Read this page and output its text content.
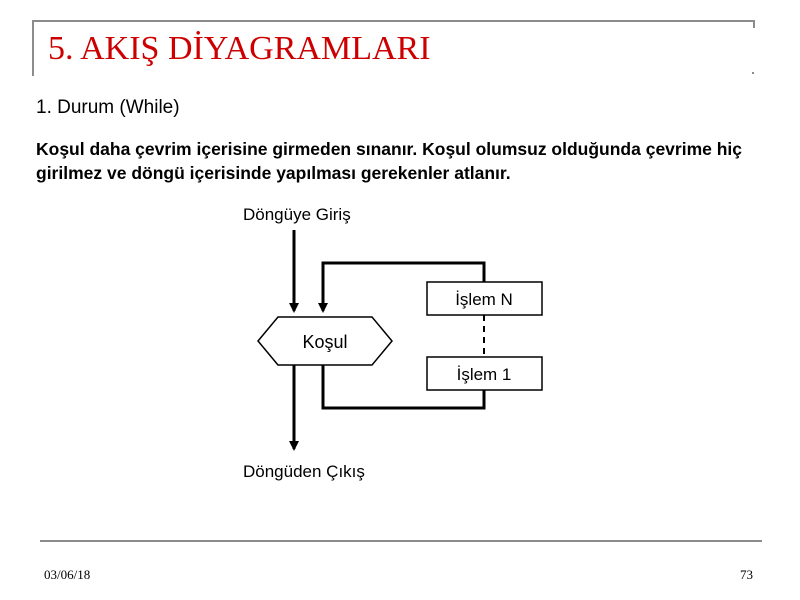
5. AKIŞ DİYAGRAMLARI
1. Durum (While)

Koşul daha çevrim içerisine girmeden sınanır. Koşul olumsuz olduğunda çevrime hiç girilmez ve döngü içerisinde yapılması gerekenler atlanır.

Döngüye Giriş
Koşul
İşlem N
İşlem 1
Döngüden Çıkış
03/06/18	73
